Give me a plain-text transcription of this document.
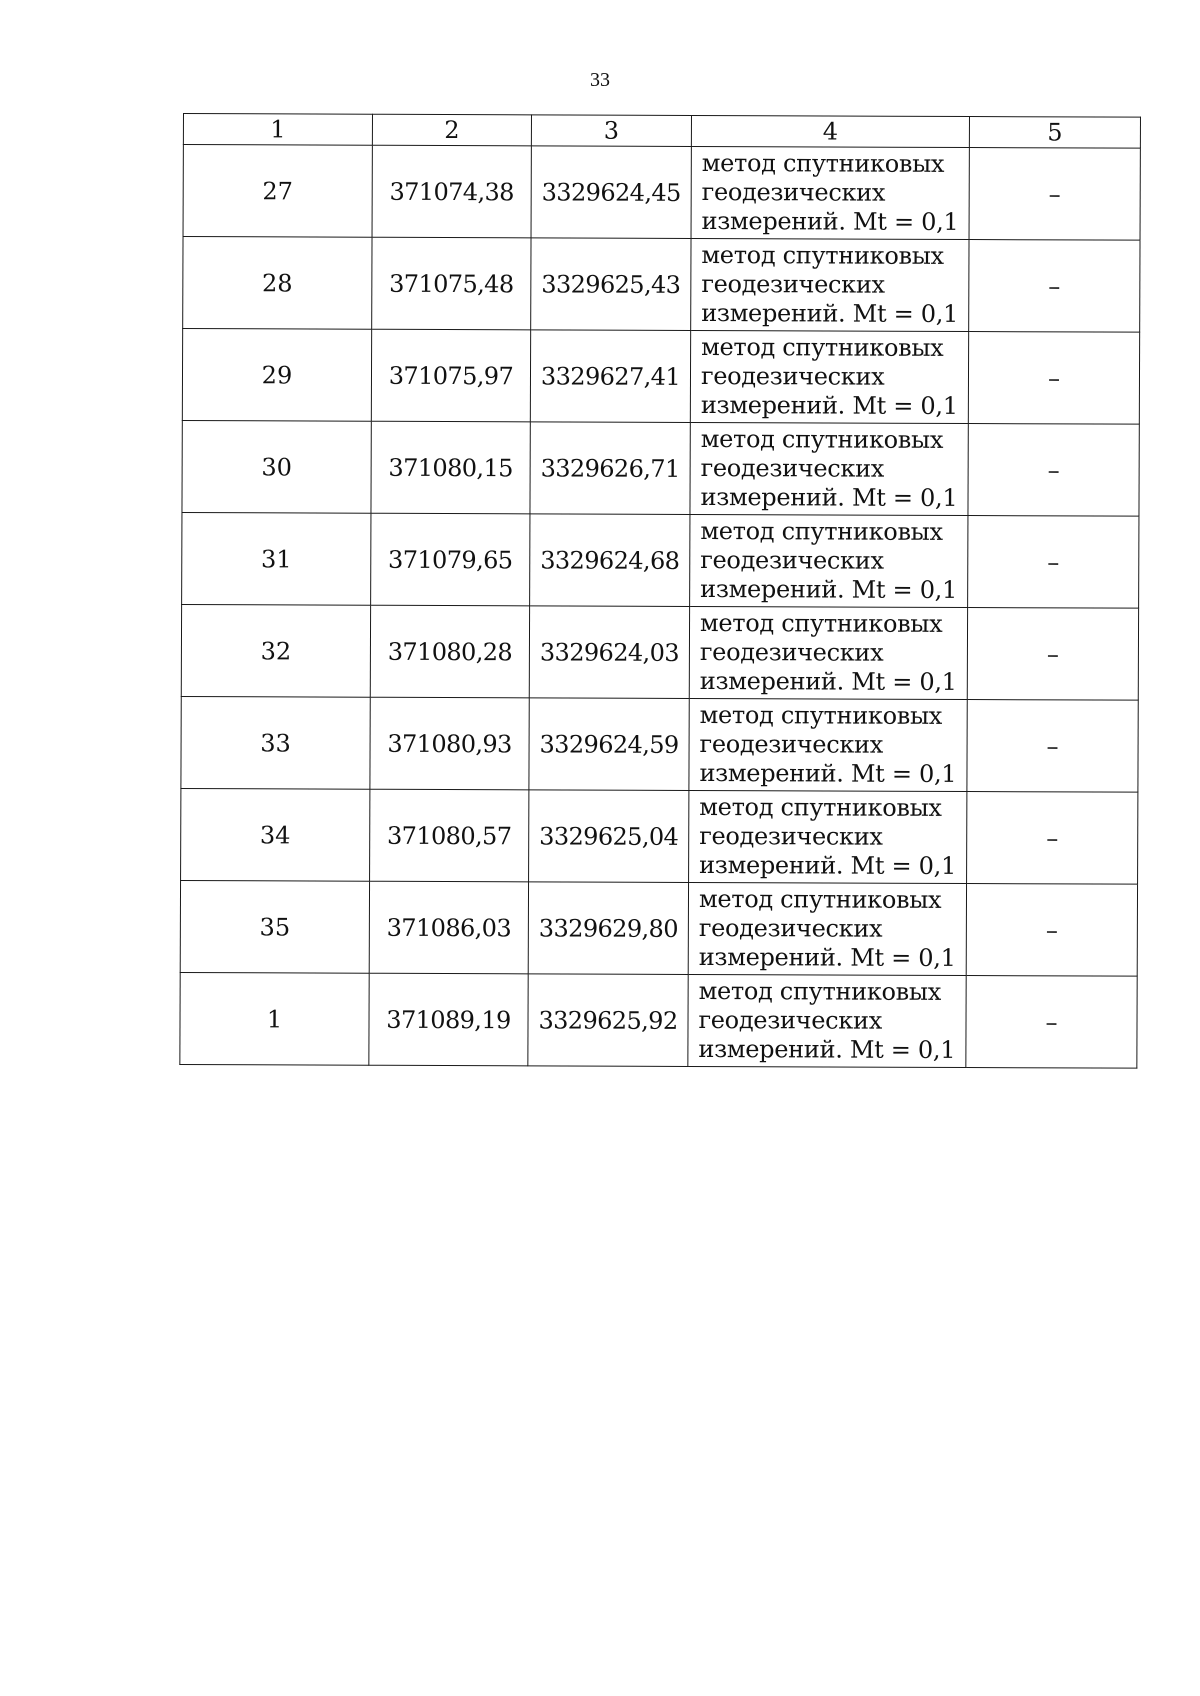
33
1	2	3	4	5
27	371074,38	3329624,45	метод спутниковых
геодезических
измерений. Mt = 0,1	–
28	371075,48	3329625,43	метод спутниковых
геодезических
измерений. Mt = 0,1	–
29	371075,97	3329627,41	метод спутниковых
геодезических
измерений. Mt = 0,1	–
30	371080,15	3329626,71	метод спутниковых
геодезических
измерений. Mt = 0,1	–
31	371079,65	3329624,68	метод спутниковых
геодезических
измерений. Mt = 0,1	–
32	371080,28	3329624,03	метод спутниковых
геодезических
измерений. Mt = 0,1	–
33	371080,93	3329624,59	метод спутниковых
геодезических
измерений. Mt = 0,1	–
34	371080,57	3329625,04	метод спутниковых
геодезических
измерений. Mt = 0,1	–
35	371086,03	3329629,80	метод спутниковых
геодезических
измерений. Mt = 0,1	–
1	371089,19	3329625,92	метод спутниковых
геодезических
измерений. Mt = 0,1	–
